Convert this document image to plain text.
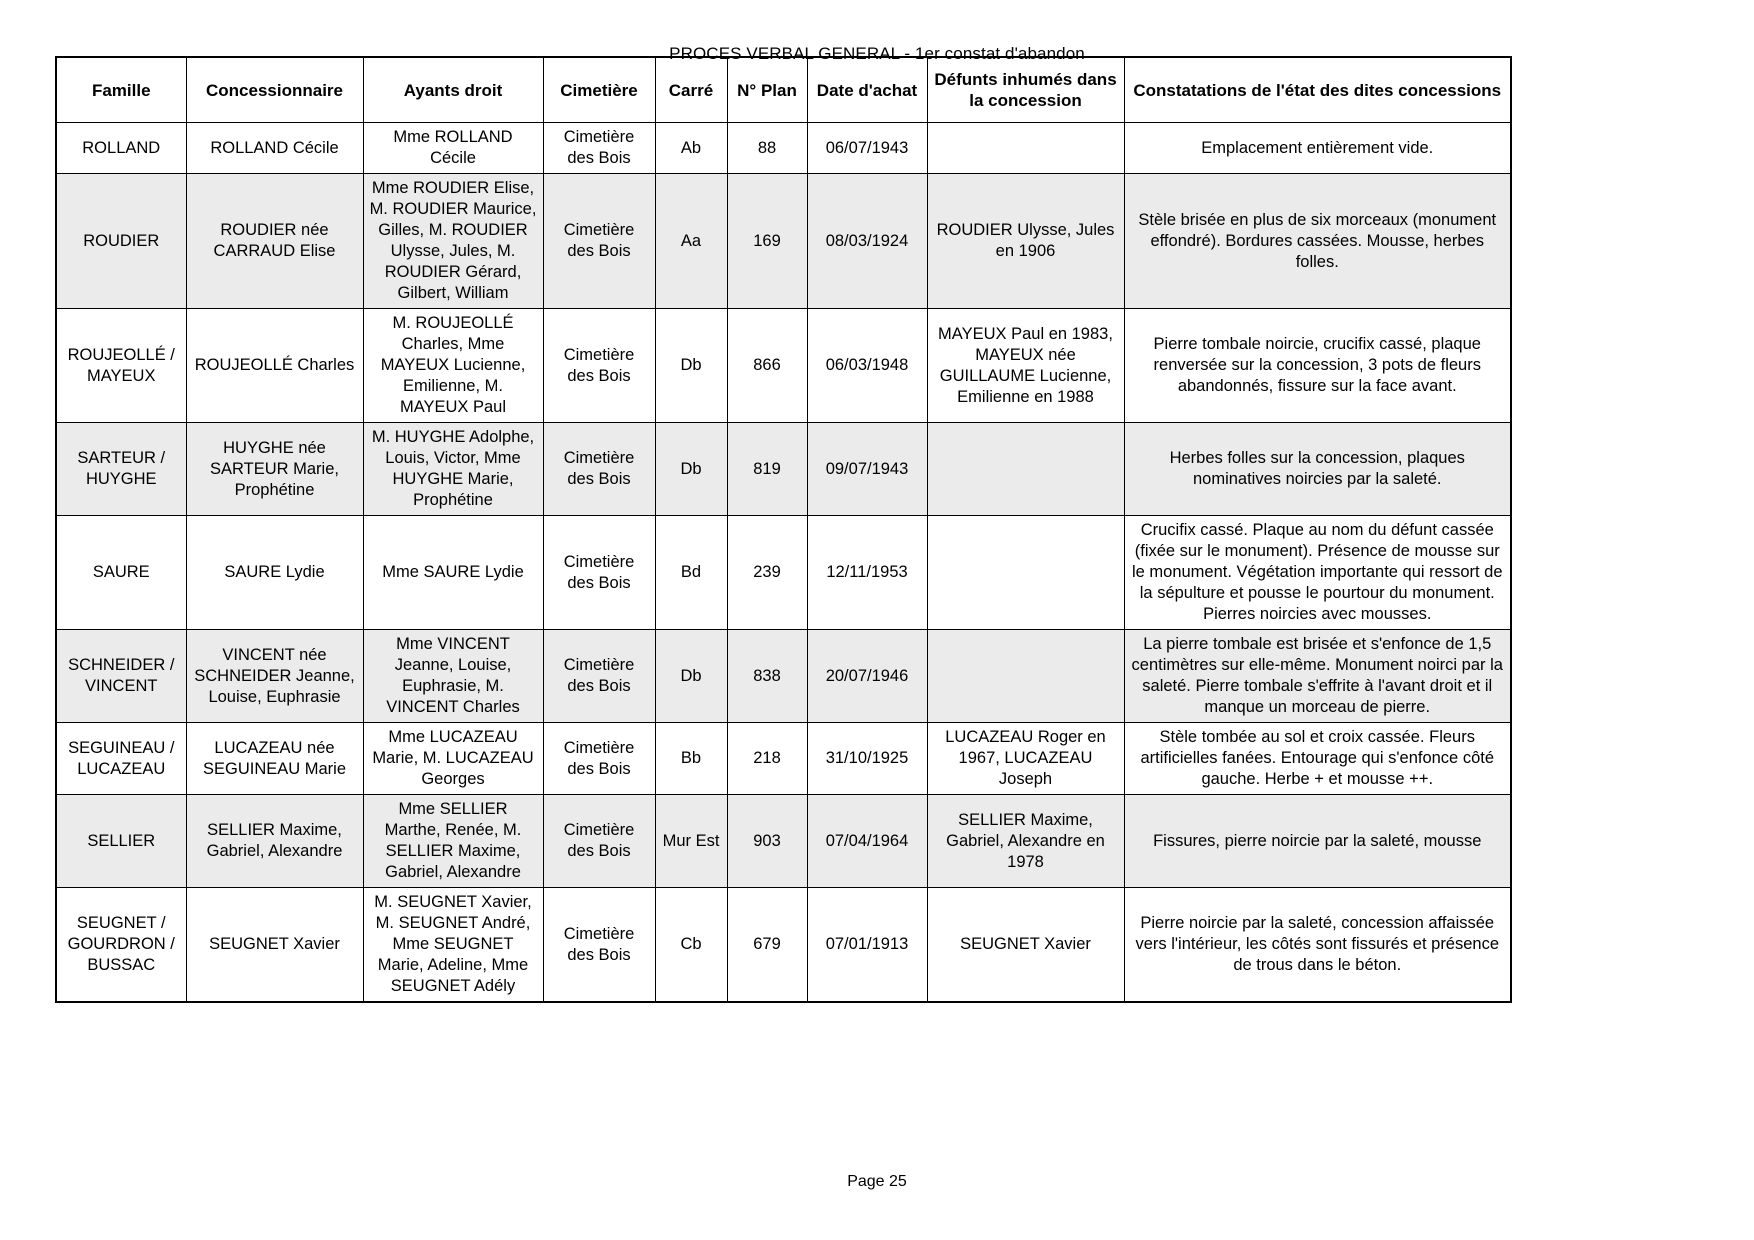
PROCES VERBAL GENERAL - 1er constat d'abandon
Famille	Concessionnaire	Ayants droit	Cimetière	Carré	N° Plan	Date d'achat	Défunts inhumés dans la concession	Constatations de l'état des dites concessions
ROLLAND	ROLLAND Cécile	Mme ROLLAND Cécile	Cimetière des Bois	Ab	88	06/07/1943		Emplacement entièrement vide.
ROUDIER	ROUDIER née CARRAUD Elise	Mme ROUDIER Elise, M. ROUDIER Maurice, Gilles, M. ROUDIER Ulysse, Jules, M. ROUDIER Gérard, Gilbert, William	Cimetière des Bois	Aa	169	08/03/1924	ROUDIER Ulysse, Jules en 1906	Stèle brisée en plus de six morceaux (monument effondré). Bordures cassées. Mousse, herbes folles.
ROUJEOLLÉ / MAYEUX	ROUJEOLLÉ Charles	M. ROUJEOLLÉ Charles, Mme MAYEUX Lucienne, Emilienne, M. MAYEUX Paul	Cimetière des Bois	Db	866	06/03/1948	MAYEUX Paul en 1983, MAYEUX née GUILLAUME Lucienne, Emilienne en 1988	Pierre tombale noircie, crucifix cassé, plaque renversée sur la concession, 3 pots de fleurs abandonnés, fissure sur la face avant.
SARTEUR / HUYGHE	HUYGHE née SARTEUR Marie, Prophétine	M. HUYGHE Adolphe, Louis, Victor, Mme HUYGHE Marie, Prophétine	Cimetière des Bois	Db	819	09/07/1943		Herbes folles sur la concession, plaques nominatives noircies par la saleté.
SAURE	SAURE Lydie	Mme SAURE Lydie	Cimetière des Bois	Bd	239	12/11/1953		Crucifix cassé. Plaque au nom du défunt cassée (fixée sur le monument). Présence de mousse sur le monument. Végétation importante qui ressort de la sépulture et pousse le pourtour du monument. Pierres noircies avec mousses.
SCHNEIDER / VINCENT	VINCENT née SCHNEIDER Jeanne, Louise, Euphrasie	Mme VINCENT Jeanne, Louise, Euphrasie, M. VINCENT Charles	Cimetière des Bois	Db	838	20/07/1946		La pierre tombale est brisée et s'enfonce de 1,5 centimètres sur elle-même. Monument noirci par la saleté. Pierre tombale s'effrite à l'avant droit et il manque un morceau de pierre.
SEGUINEAU / LUCAZEAU	LUCAZEAU née SEGUINEAU Marie	Mme LUCAZEAU Marie, M. LUCAZEAU Georges	Cimetière des Bois	Bb	218	31/10/1925	LUCAZEAU Roger en 1967, LUCAZEAU Joseph	Stèle tombée au sol et croix cassée. Fleurs artificielles fanées. Entourage qui s'enfonce côté gauche. Herbe + et mousse ++.
SELLIER	SELLIER Maxime, Gabriel, Alexandre	Mme SELLIER Marthe, Renée, M. SELLIER Maxime, Gabriel, Alexandre	Cimetière des Bois	Mur Est	903	07/04/1964	SELLIER Maxime, Gabriel, Alexandre en 1978	Fissures, pierre noircie par la saleté, mousse
SEUGNET / GOURDRON / BUSSAC	SEUGNET Xavier	M. SEUGNET Xavier, M. SEUGNET André, Mme SEUGNET Marie, Adeline, Mme SEUGNET Adély	Cimetière des Bois	Cb	679	07/01/1913	SEUGNET Xavier	Pierre noircie par la saleté, concession affaissée vers l'intérieur, les côtés sont fissurés et présence de trous dans le béton.
Page 25
